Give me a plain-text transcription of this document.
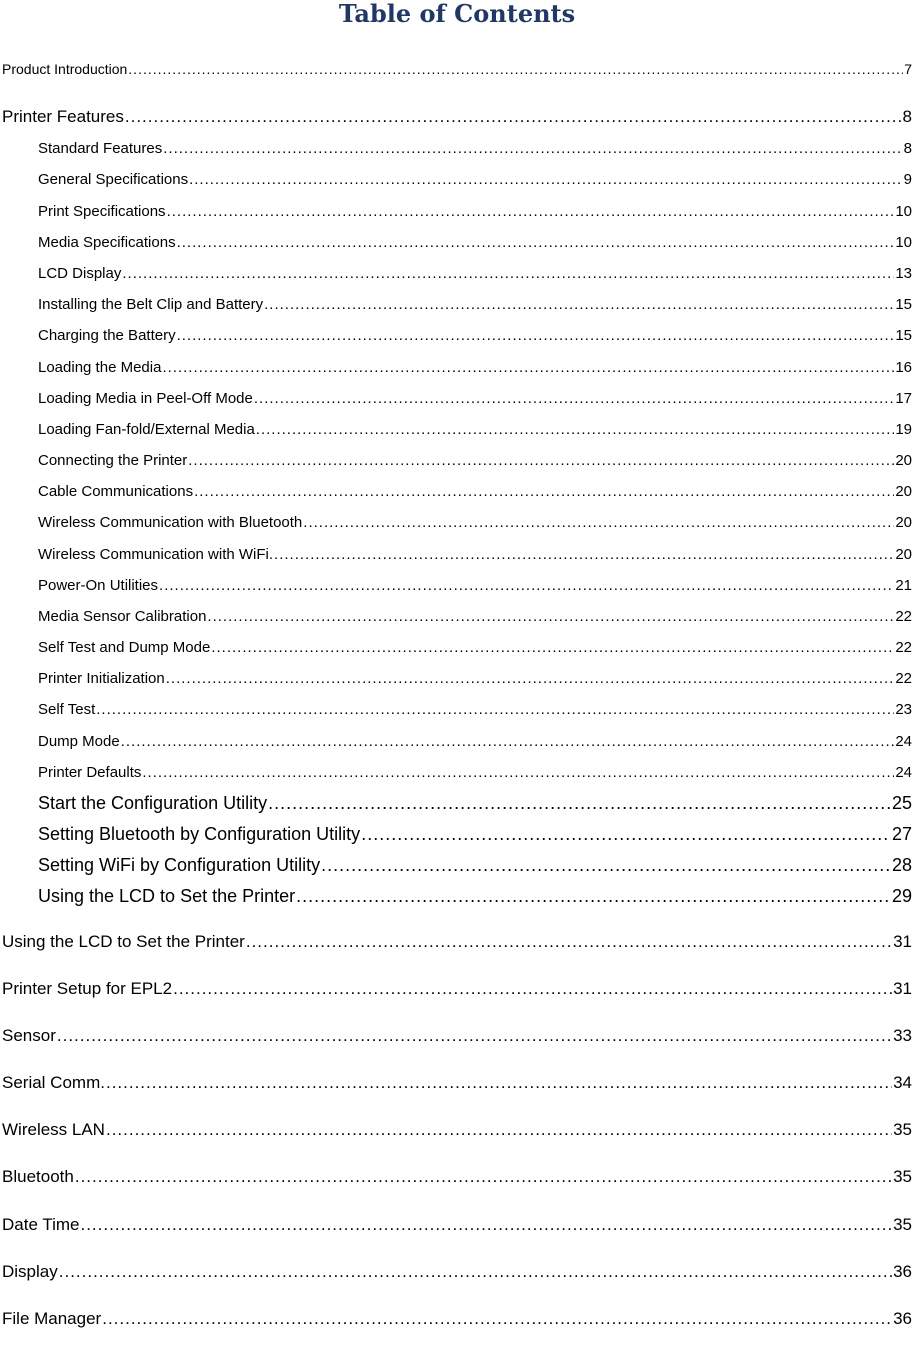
Table of Contents
Product Introduction .....	7
Printer Features .....	8
Standard Features .....	8
General Specifications .....	9
Print Specifications .....	10
Media Specifications .....	10
LCD Display .....	13
Installing the Belt Clip and Battery .....	15
Charging the Battery .....	15
Loading the Media .....	16
Loading Media in Peel-Off Mode .....	17
Loading Fan-fold/External Media .....	19
Connecting the Printer .....	20
Cable Communications .....	20
Wireless Communication with Bluetooth .....	20
Wireless Communication with WiFi. .....	20
Power-On Utilities .....	21
Media Sensor Calibration .....	22
Self Test and Dump Mode .....	22
Printer Initialization .....	22
Self Test .....	23
Dump Mode .....	24
Printer Defaults .....	24
Start the Configuration Utility .....	25
Setting Bluetooth by Configuration Utility .....	27
Setting WiFi by Configuration Utility .....	28
Using the LCD to Set the Printer .....	29
Using the LCD to Set the Printer .....	31
Printer Setup for EPL2 .....	31
Sensor .....	33
Serial Comm. .....	34
Wireless LAN .....	35
Bluetooth .....	35
Date Time .....	35
Display .....	36
File Manager .....	36
